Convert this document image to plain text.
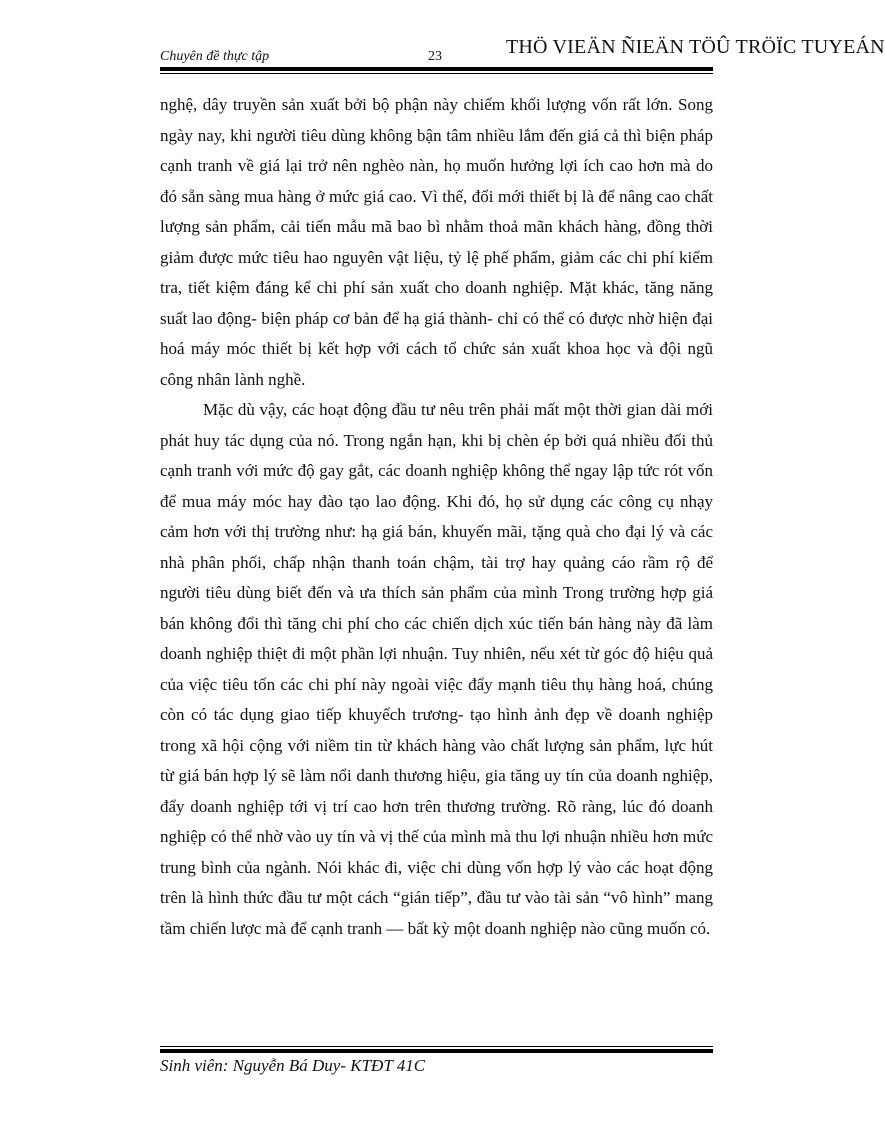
Chuyên đề thực tập	23	THÖ VIEÄN ÑIEÄN TÖÛ TRÖÏC TUYEÁN

nghệ, dây truyền sản xuất bởi bộ phận này chiếm khối lượng vốn rất lớn. Song ngày nay, khi người tiêu dùng không bận tâm nhiều lắm đến giá cả thì biện pháp cạnh tranh về giá lại trở nên nghèo nàn, họ muốn hưởng lợi ích cao hơn mà do đó sẵn sàng mua hàng ở mức giá cao. Vì thế, đổi mới thiết bị là để nâng cao chất lượng sản phẩm, cải tiến mẫu mã bao bì nhằm thoả mãn khách hàng, đồng thời giảm được mức tiêu hao nguyên vật liệu, tỷ lệ phế phẩm, giảm các chi phí kiểm tra, tiết kiệm đáng kể chi phí sản xuất cho doanh nghiệp. Mặt khác, tăng năng suất lao động- biện pháp cơ bản để hạ giá thành- chỉ có thể có được nhờ hiện đại hoá máy móc thiết bị kết hợp với cách tổ chức sản xuất khoa học và đội ngũ công nhân lành nghề.

Mặc dù vậy, các hoạt động đầu tư nêu trên phải mất một thời gian dài mới phát huy tác dụng của nó. Trong ngắn hạn, khi bị chèn ép bởi quá nhiều đối thủ cạnh tranh với mức độ gay gắt, các doanh nghiệp không thể ngay lập tức rót vốn để mua máy móc hay đào tạo lao động. Khi đó, họ sử dụng các công cụ nhạy cảm hơn với thị trường như: hạ giá bán, khuyến mãi, tặng quà cho đại lý và các nhà phân phối, chấp nhận thanh toán chậm, tài trợ hay quảng cáo rầm rộ để người tiêu dùng biết đến và ưa thích sản phẩm của mình Trong trường hợp giá bán không đổi thì tăng chi phí cho các chiến dịch xúc tiến bán hàng này đã làm doanh nghiệp thiệt đi một phần lợi nhuận. Tuy nhiên, nếu xét từ góc độ hiệu quả của việc tiêu tốn các chi phí này ngoài việc đẩy mạnh tiêu thụ hàng hoá, chúng còn có tác dụng giao tiếp khuyếch trương- tạo hình ảnh đẹp về doanh nghiệp trong xã hội cộng với niềm tin từ khách hàng vào chất lượng sản phẩm, lực hút từ giá bán hợp lý sẽ làm nổi danh thương hiệu, gia tăng uy tín của doanh nghiệp, đẩy doanh nghiệp tới vị trí cao hơn trên thương trường. Rõ ràng, lúc đó doanh nghiệp có thể nhờ vào uy tín và vị thế của mình mà thu lợi nhuận nhiều hơn mức trung bình của ngành. Nói khác đi, việc chi dùng vốn hợp lý vào các hoạt động trên là hình thức đầu tư một cách “gián tiếp”, đầu tư vào tài sản “vô hình” mang tầm chiến lược mà để cạnh tranh — bất kỳ một doanh nghiệp nào cũng muốn có.

Sinh viên: Nguyễn Bá Duy- KTĐT 41C
